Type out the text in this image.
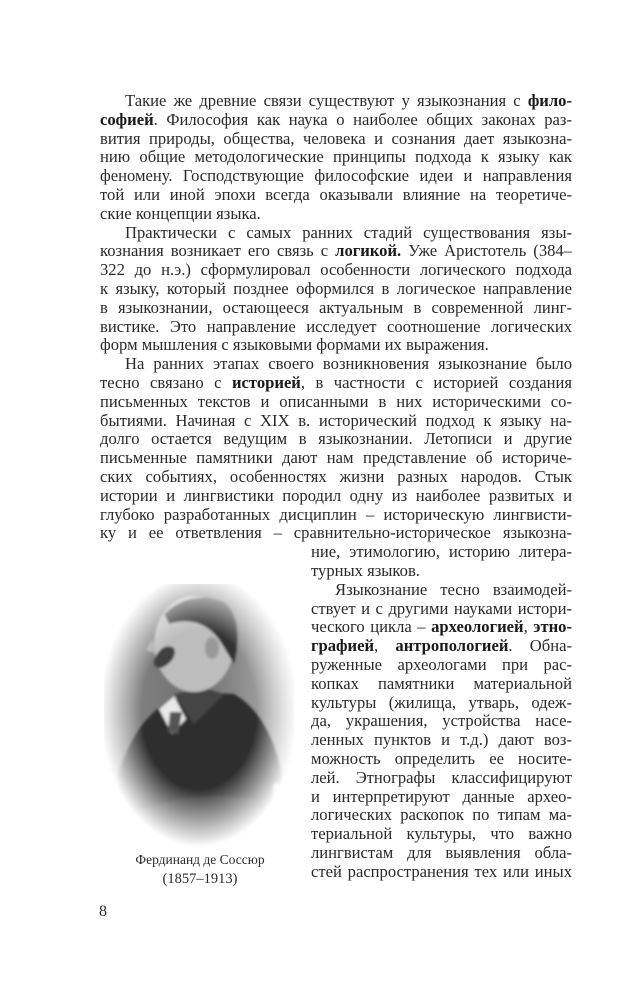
Такие же древние связи существуют у языкознания с фило-
софией. Философия как наука о наиболее общих законах раз-
вития природы, общества, человека и сознания дает языкозна-
нию общие методологические принципы подхода к языку как
феномену. Господствующие философские идеи и направления
той или иной эпохи всегда оказывали влияние на теоретиче-
ские концепции языка.
Практически с самых ранних стадий существования язы-
кознания возникает его связь с логикой. Уже Аристотель (384–
322 до н.э.) сформулировал особенности логического подхода
к языку, который позднее оформился в логическое направление
в языкознании, остающееся актуальным в современной линг-
вистике. Это направление исследует соотношение логических
форм мышления с языковыми формами их выражения.
На ранних этапах своего возникновения языкознание было
тесно связано с историей, в частности с историей создания
письменных текстов и описанными в них историческими со-
бытиями. Начиная с XIX в. исторический подход к языку на-
долго остается ведущим в языкознании. Летописи и другие
письменные памятники дают нам представление об историче-
ских событиях, особенностях жизни разных народов. Стык
истории и лингвистики породил одну из наиболее развитых и
глубоко разработанных дисциплин – историческую лингвисти-
ку и ее ответвления – сравнительно-историческое языкозна-
ние, этимологию, историю литера-
турных языков.
Языкознание тесно взаимодей-
ствует и с другими науками истори-
ческого цикла – археологией, этно-
графией, антропологией. Обна-
руженные археологами при рас-
копках памятники материальной
культуры (жилища, утварь, одеж-
да, украшения, устройства насе-
ленных пунктов и т.д.) дают воз-
можность определить ее носите-
лей. Этнографы классифицируют
и интерпретируют данные архео-
логических раскопок по типам ма-
териальной культуры, что важно
лингвистам для выявления обла-
стей распространения тех или иных
Фердинанд де Соссюр
(1857–1913)
8
